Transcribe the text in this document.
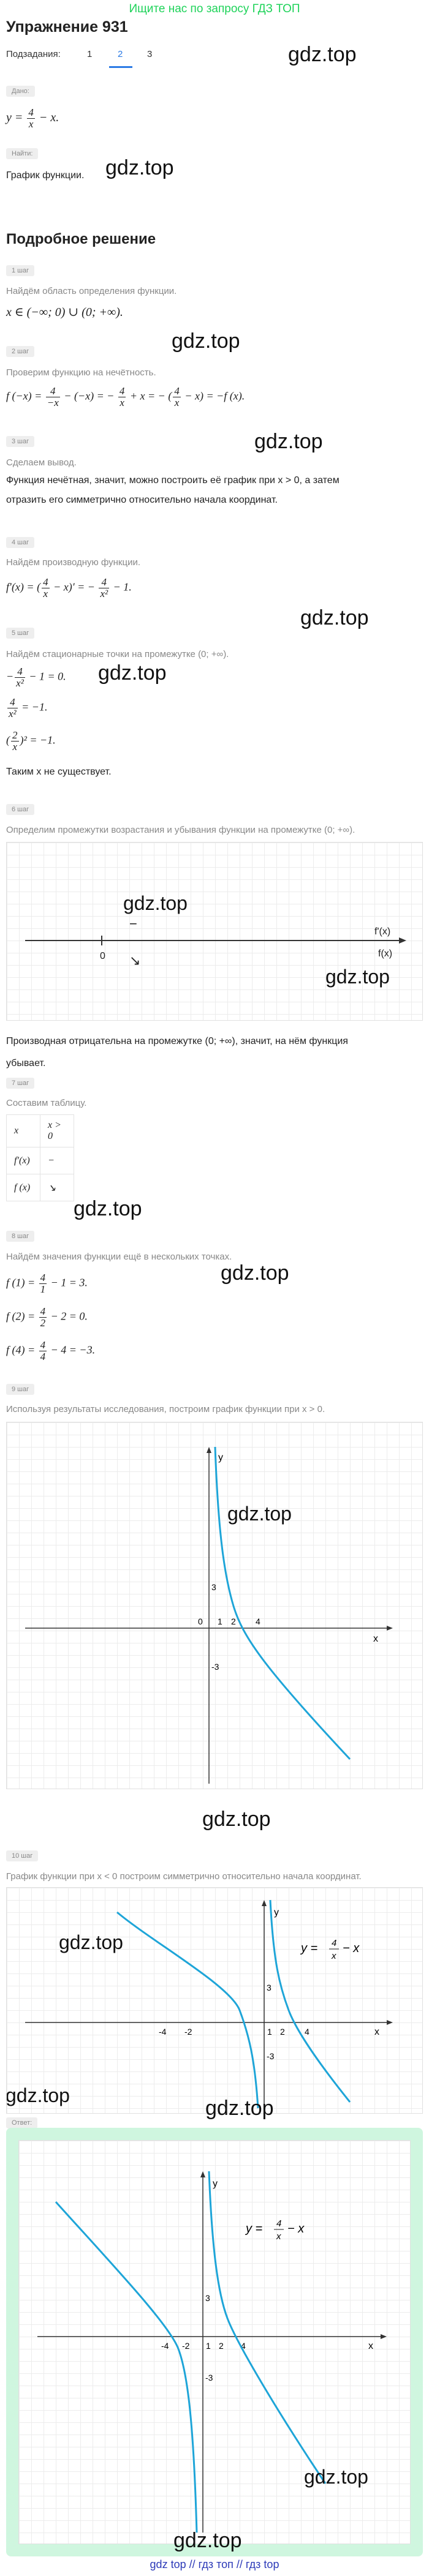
Ищите нас по запросу ГДЗ ТОП
Упражнение 931
Подзадания:	1	2	3	gdz.top
Дано:
$y = \frac{4}{x} - x$.
Найти:
График функции. gdz.top
Подробное решение
1 шаг
Найдём область определения функции.
x ∈ (−∞; 0) ∪ (0; +∞).
gdz.top
2 шаг
Проверим функцию на нечётность.
f $(-x) = \frac{4}{-x} - (-x)$ = − $\frac{4}{x} + x$ = − ( $\frac{4}{x} - x) = -f$ (x).
gdz.top
3 шаг
Сделаем вывод.
Функция нечётная, значит, можно построить её график при x > 0, а затем
отразить его симметрично относительно начала координат.
4 шаг
Найдём производную функции.
f′(x) = ( $\frac{4}{x} - x)'$ = − $\frac{4}{\text{x²}} - 1$.
gdz.top
5 шаг
Найдём стационарные точки на промежутке (0; +∞).
gdz.top
− $\frac{4}{\text{x²}} - 1 = 0$.
$\frac{4}{\text{x²}} = -1$.
( $\frac{2}{x} )^2 = -1$.
Таким x не существует.
6 шаг
Определим промежутки возрастания и убывания функции на промежутке (0; +∞).
0
−
↘
f'(x)
f(x)
gdz.top
gdz.top
Производная отрицательна на промежутке (0; +∞), значит, на нём функция
убывает.
7 шаг
Составим таблицу.
x	x > 0
f′(x)	−
f (x)	↘
gdz.top
8 шаг
Найдём значения функции ещё в нескольких точках.
gdz.top
f $(1) = \frac{4}{1} - 1 = 3$.
f $(2) = \frac{4}{2} - 2 = 0$.
f $(4) = \frac{4}{4} - 4 = -3$.
9 шаг
Используя результаты исследования, построим график функции при x > 0.
y
x
0 1 2 4
3
-3
gdz.top
gdz.top
10 шаг
График функции при x < 0 построим симметрично относительно начала координат.
y
x
-4 -2	1 2 4
3
-3
y = 4
x
− x
gdz.top
gdz.top
gdz.top
Ответ:
y
x
-4 -2 1 2 4
3
-3
y = 4
x
− x
gdz.top
gdz.top
gdz top // гдз топ // гдз top
